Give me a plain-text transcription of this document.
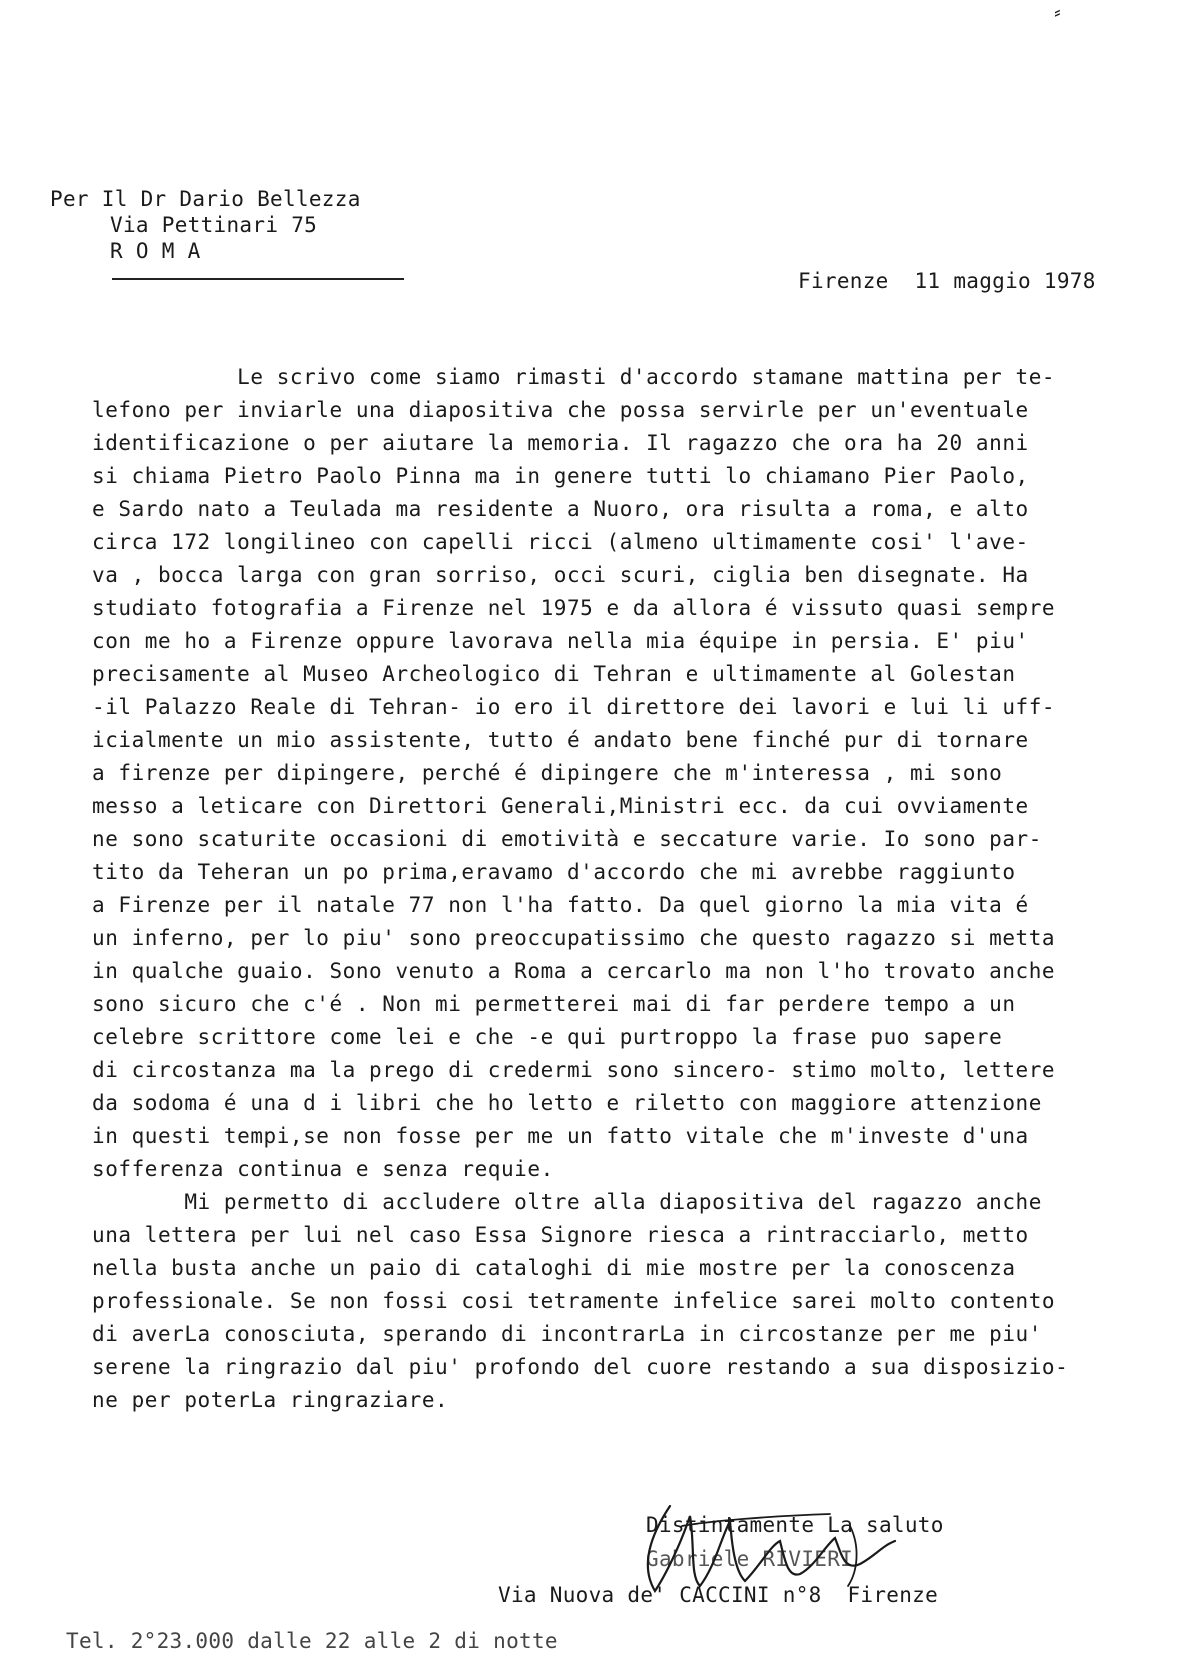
⸗
Per Il Dr Dario Bellezza
Via Pettinari 75
R O M A
Firenze  11 maggio 1978
Le scrivo come siamo rimasti d'accordo stamane mattina per te-
lefono per inviarle una diapositiva che possa servirle per un'eventuale
identificazione o per aiutare la memoria. Il ragazzo che ora ha 20 anni
si chiama Pietro Paolo Pinna ma in genere tutti lo chiamano Pier Paolo,
e Sardo nato a Teulada ma residente a Nuoro, ora risulta a roma, e alto
circa 172 longilineo con capelli ricci (almeno ultimamente cosi' l'ave-
va , bocca larga con gran sorriso, occi scuri, ciglia ben disegnate. Ha
studiato fotografia a Firenze nel 1975 e da allora é vissuto quasi sempre
con me ho a Firenze oppure lavorava nella mia équipe in persia. E' piu'
precisamente al Museo Archeologico di Tehran e ultimamente al Golestan
-il Palazzo Reale di Tehran- io ero il direttore dei lavori e lui li uff-
icialmente un mio assistente, tutto é andato bene finché pur di tornare
a firenze per dipingere, perché é dipingere che m'interessa , mi sono
messo a leticare con Direttori Generali,Ministri ecc. da cui ovviamente
ne sono scaturite occasioni di emotività e seccature varie. Io sono par-
tito da Teheran un po prima,eravamo d'accordo che mi avrebbe raggiunto
a Firenze per il natale 77 non l'ha fatto. Da quel giorno la mia vita é
un inferno, per lo piu' sono preoccupatissimo che questo ragazzo si metta
in qualche guaio. Sono venuto a Roma a cercarlo ma non l'ho trovato anche
sono sicuro che c'é . Non mi permetterei mai di far perdere tempo a un
celebre scrittore come lei e che -e qui purtroppo la frase puo sapere
di circostanza ma la prego di credermi sono sincero- stimo molto, lettere
da sodoma é una d i libri che ho letto e riletto con maggiore attenzione
in questi tempi,se non fosse per me un fatto vitale che m'investe d'una
sofferenza continua e senza requie.
Mi permetto di accludere oltre alla diapositiva del ragazzo anche
una lettera per lui nel caso Essa Signore riesca a rintracciarlo, metto
nella busta anche un paio di cataloghi di mie mostre per la conoscenza
professionale. Se non fossi cosi tetramente infelice sarei molto contento
di averLa conosciuta, sperando di incontrarLa in circostanze per me piu'
serene la ringrazio dal piu' profondo del cuore restando a sua disposizio-
ne per poterLa ringraziare.
Distintamente La saluto
Gabriele RIVIERI
Via Nuova de' CACCINI n°8  Firenze
Tel. 2°23.000 dalle 22 alle 2 di notte
